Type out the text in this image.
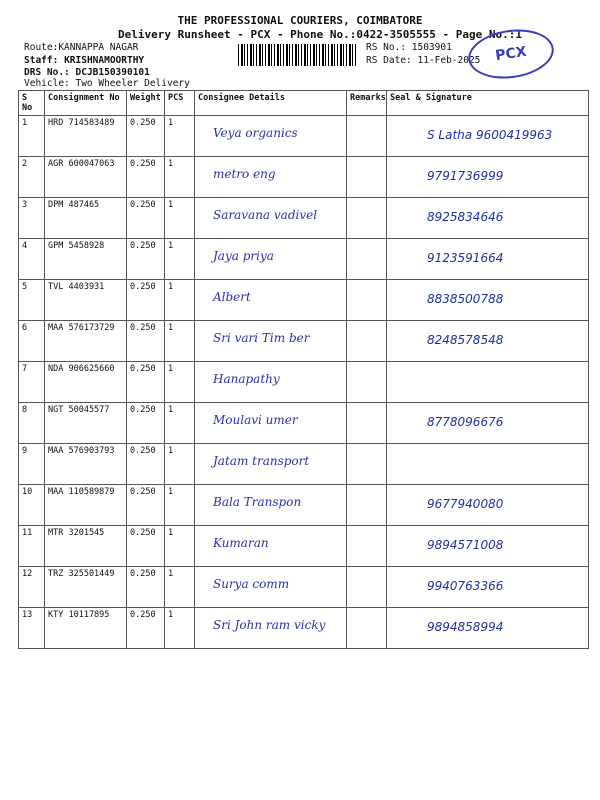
THE PROFESSIONAL COURIERS, COIMBATORE
Delivery Runsheet - PCX - Phone No.:0422-3505555 - Page No.:1
Route:KANNAPPA NAGAR
Staff: KRISHNAMOORTHY
DRS No.: DCJB150390101
Vehicle: Two Wheeler Delivery
RS No.: 1503901
RS Date: 11-Feb-2025 PCX
S No	Consignment No	Weight	PCS	Consignee Details	Remarks	Seal & Signature
1	HRD 714583489	0.250	1	Veya organics		S Latha 9600419963

2	AGR 600047063	0.250	1	metro eng		9791736999

3	DPM 487465	0.250	1	Saravana vadivel		8925834646

4	GPM 5458928	0.250	1	Jaya priya		9123591664

5	TVL 4403931	0.250	1	Albert		8838500788

6	MAA 576173729	0.250	1	Sri vari Tim ber		8248578548

7	NDA 906625660	0.250	1	Hanapathy		

8	NGT 50045577	0.250	1	Moulavi umer		8778096676

9	MAA 576903793	0.250	1	Jatam transport		

10	MAA 110589879	0.250	1	Bala Transpon		9677940080

11	MTR 3201545	0.250	1	Kumaran		9894571008

12	TRZ 325501449	0.250	1	Surya comm		9940763366

13	KTY 10117895	0.250	1	Sri John ram vicky		9894858994
